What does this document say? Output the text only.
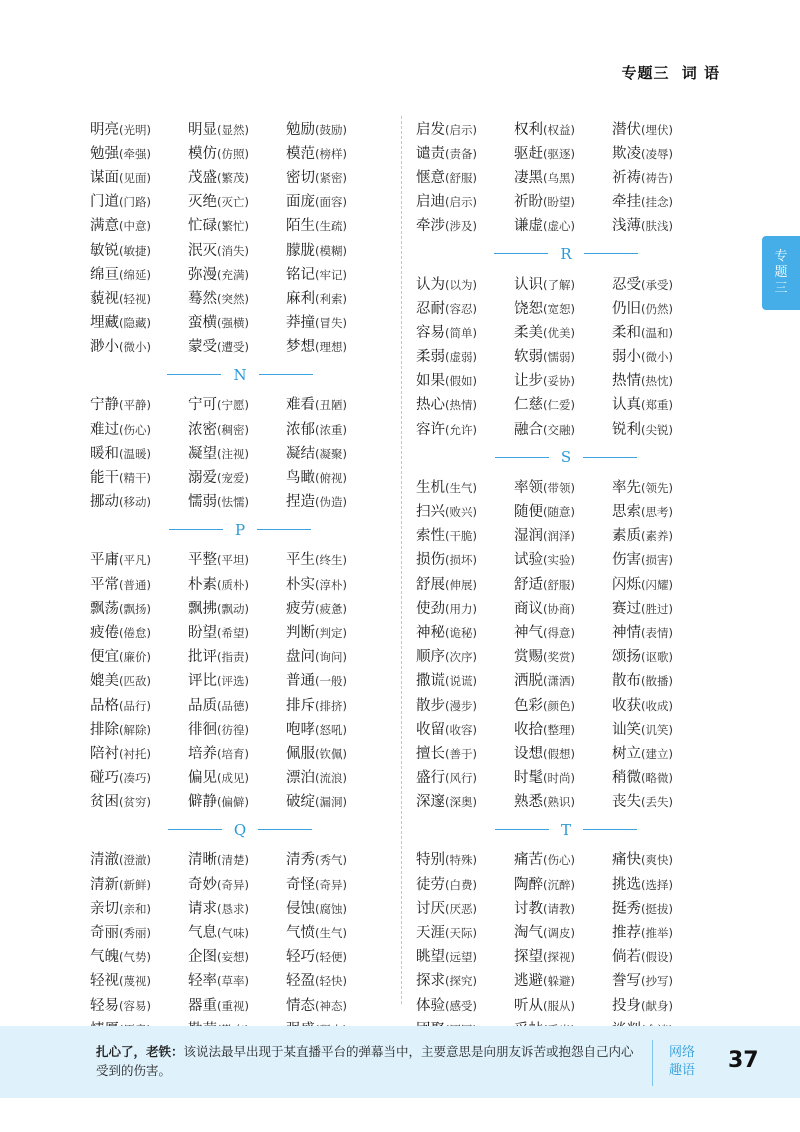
专题三 词 语
专
题
三
明亮(光明)	明显(显然)	勉励(鼓励)
勉强(牵强)	模仿(仿照)	模范(榜样)
谋面(见面)	茂盛(繁茂)	密切(紧密)
门道(门路)	灭绝(灭亡)	面庞(面容)
满意(中意)	忙碌(繁忙)	陌生(生疏)
敏锐(敏捷)	泯灭(消失)	朦胧(模糊)
绵亘(绵延)	弥漫(充满)	铭记(牢记)
藐视(轻视)	蓦然(突然)	麻利(利索)
埋藏(隐藏)	蛮横(强横)	莽撞(冒失)
渺小(微小)	蒙受(遭受)	梦想(理想)
N
宁静(平静)	宁可(宁愿)	难看(丑陋)
难过(伤心)	浓密(稠密)	浓郁(浓重)
暖和(温暖)	凝望(注视)	凝结(凝聚)
能干(精干)	溺爱(宠爱)	鸟瞰(俯视)
挪动(移动)	懦弱(怯懦)	捏造(伪造)
P
平庸(平凡)	平整(平坦)	平生(终生)
平常(普通)	朴素(质朴)	朴实(淳朴)
飘荡(飘扬)	飘拂(飘动)	疲劳(疲惫)
疲倦(倦怠)	盼望(希望)	判断(判定)
便宜(廉价)	批评(指责)	盘问(询问)
媲美(匹敌)	评比(评选)	普通(一般)
品格(品行)	品质(品德)	排斥(排挤)
排除(解除)	徘徊(彷徨)	咆哮(怒吼)
陪衬(衬托)	培养(培育)	佩服(钦佩)
碰巧(凑巧)	偏见(成见)	漂泊(流浪)
贫困(贫穷)	僻静(偏僻)	破绽(漏洞)
Q
清澈(澄澈)	清晰(清楚)	清秀(秀气)
清新(新鲜)	奇妙(奇异)	奇怪(奇异)
亲切(亲和)	请求(恳求)	侵蚀(腐蚀)
奇丽(秀丽)	气息(气味)	气愤(生气)
气魄(气势)	企图(妄想)	轻巧(轻便)
轻视(蔑视)	轻率(草率)	轻盈(轻快)
轻易(容易)	器重(重视)	情态(神态)
启发(启示)	权利(权益)	潜伏(埋伏)
谴责(责备)	驱赶(驱逐)	欺凌(凌辱)
惬意(舒服)	凄黑(乌黑)	祈祷(祷告)
启迪(启示)	祈盼(盼望)	牵挂(挂念)
牵涉(涉及)	谦虚(虚心)	浅薄(肤浅)
R
认为(以为)	认识(了解)	忍受(承受)
忍耐(容忍)	饶恕(宽恕)	仍旧(仍然)
容易(简单)	柔美(优美)	柔和(温和)
柔弱(虚弱)	软弱(懦弱)	弱小(微小)
如果(假如)	让步(妥协)	热情(热忱)
热心(热情)	仁慈(仁爱)	认真(郑重)
容许(允许)	融合(交融)	锐利(尖锐)
S
生机(生气)	率领(带领)	率先(领先)
扫兴(败兴)	随便(随意)	思索(思考)
索性(干脆)	湿润(润泽)	素质(素养)
损伤(损坏)	试验(实验)	伤害(损害)
舒展(伸展)	舒适(舒服)	闪烁(闪耀)
使劲(用力)	商议(协商)	赛过(胜过)
神秘(诡秘)	神气(得意)	神情(表情)
顺序(次序)	赏赐(奖赏)	颂扬(讴歌)
撒谎(说谎)	洒脱(潇洒)	散布(散播)
散步(漫步)	色彩(颜色)	收获(收成)
收留(收容)	收拾(整理)	讪笑(讥笑)
擅长(善于)	设想(假想)	树立(建立)
盛行(风行)	时髦(时尚)	稍微(略微)
深邃(深奥)	熟悉(熟识)	丧失(丢失)
T
特别(特殊)	痛苦(伤心)	痛快(爽快)
徒劳(白费)	陶醉(沉醉)	挑选(选择)
讨厌(厌恶)	讨教(请教)	挺秀(挺拔)
天涯(天际)	淘气(调皮)	推荐(推举)
眺望(远望)	探望(探视)	倘若(假设)
探求(探究)	逃避(躲避)	誊写(抄写)
体验(感受)	听从(服从)	投身(献身)
扎心了，老铁：该说法最早出现于某直播平台的弹幕当中，主要意思是向朋友诉苦或抱怨自己内心受到的伤害。
网络
趣语 37
